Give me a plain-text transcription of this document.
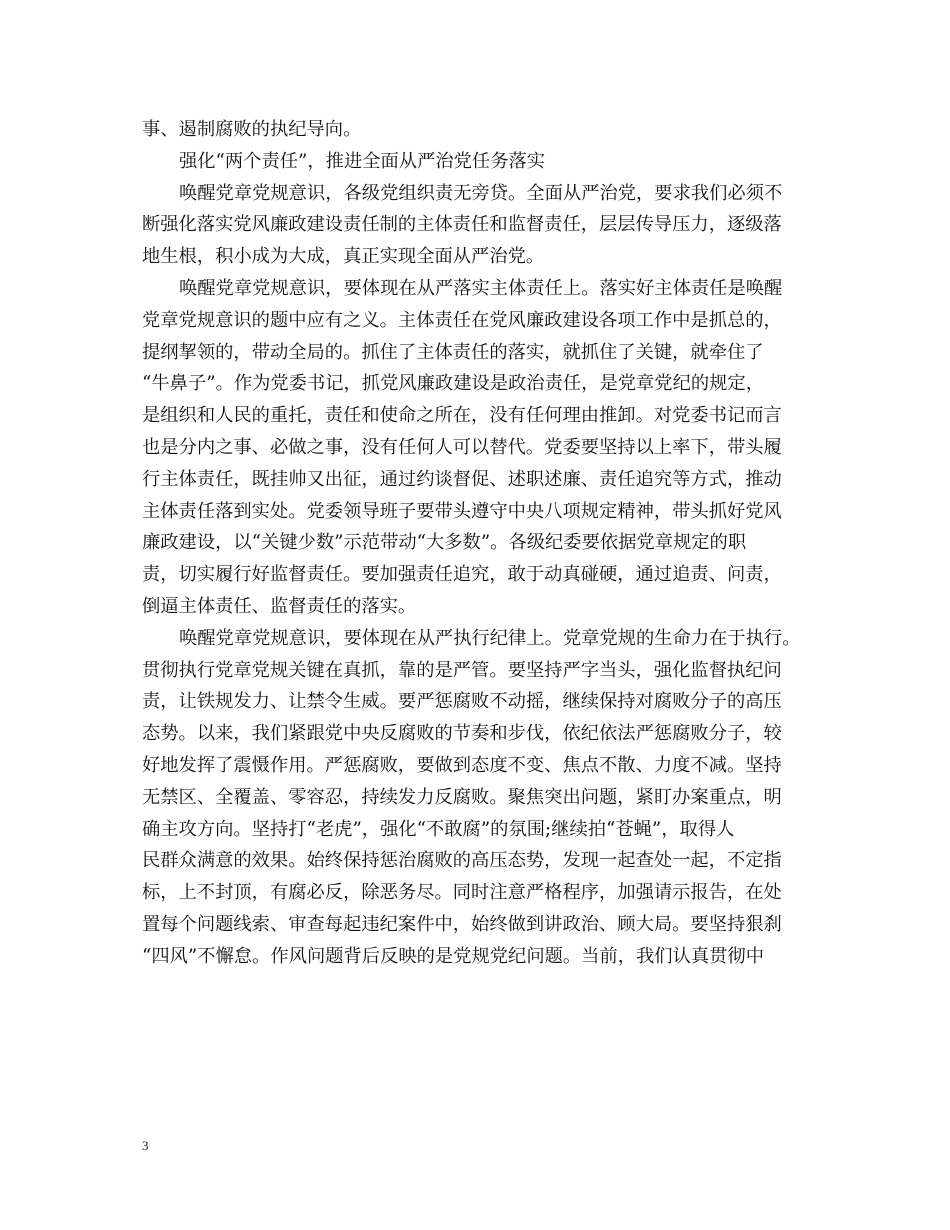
事、遏制腐败的执纪导向。
强化“两个责任”，推进全面从严治党任务落实
唤醒党章党规意识，各级党组织责无旁贷。全面从严治党，要求我们必须不
断强化落实党风廉政建设责任制的主体责任和监督责任，层层传导压力，逐级落
地生根，积小成为大成，真正实现全面从严治党。
唤醒党章党规意识，要体现在从严落实主体责任上。落实好主体责任是唤醒
党章党规意识的题中应有之义。主体责任在党风廉政建设各项工作中是抓总的，
提纲挈领的，带动全局的。抓住了主体责任的落实，就抓住了关键，就牵住了
“牛鼻子”。作为党委书记，抓党风廉政建设是政治责任，是党章党纪的规定，
是组织和人民的重托，责任和使命之所在，没有任何理由推卸。对党委书记而言
也是分内之事、必做之事，没有任何人可以替代。党委要坚持以上率下，带头履
行主体责任，既挂帅又出征，通过约谈督促、述职述廉、责任追究等方式，推动
主体责任落到实处。党委领导班子要带头遵守中央八项规定精神，带头抓好党风
廉政建设，以“关键少数”示范带动“大多数”。各级纪委要依据党章规定的职
责，切实履行好监督责任。要加强责任追究，敢于动真碰硬，通过追责、问责，
倒逼主体责任、监督责任的落实。
唤醒党章党规意识，要体现在从严执行纪律上。党章党规的生命力在于执行。
贯彻执行党章党规关键在真抓，靠的是严管。要坚持严字当头，强化监督执纪问
责，让铁规发力、让禁令生威。要严惩腐败不动摇，继续保持对腐败分子的高压
态势。以来，我们紧跟党中央反腐败的节奏和步伐，依纪依法严惩腐败分子，较
好地发挥了震慑作用。严惩腐败，要做到态度不变、焦点不散、力度不减。坚持
无禁区、全覆盖、零容忍，持续发力反腐败。聚焦突出问题，紧盯办案重点，明
确主攻方向。坚持打“老虎”，强化“不敢腐”的氛围;继续拍“苍蝇”，取得人
民群众满意的效果。始终保持惩治腐败的高压态势，发现一起查处一起，不定指
标，上不封顶，有腐必反，除恶务尽。同时注意严格程序，加强请示报告，在处
置每个问题线索、审查每起违纪案件中，始终做到讲政治、顾大局。要坚持狠刹
“四风”不懈怠。作风问题背后反映的是党规党纪问题。当前，我们认真贯彻中
3
